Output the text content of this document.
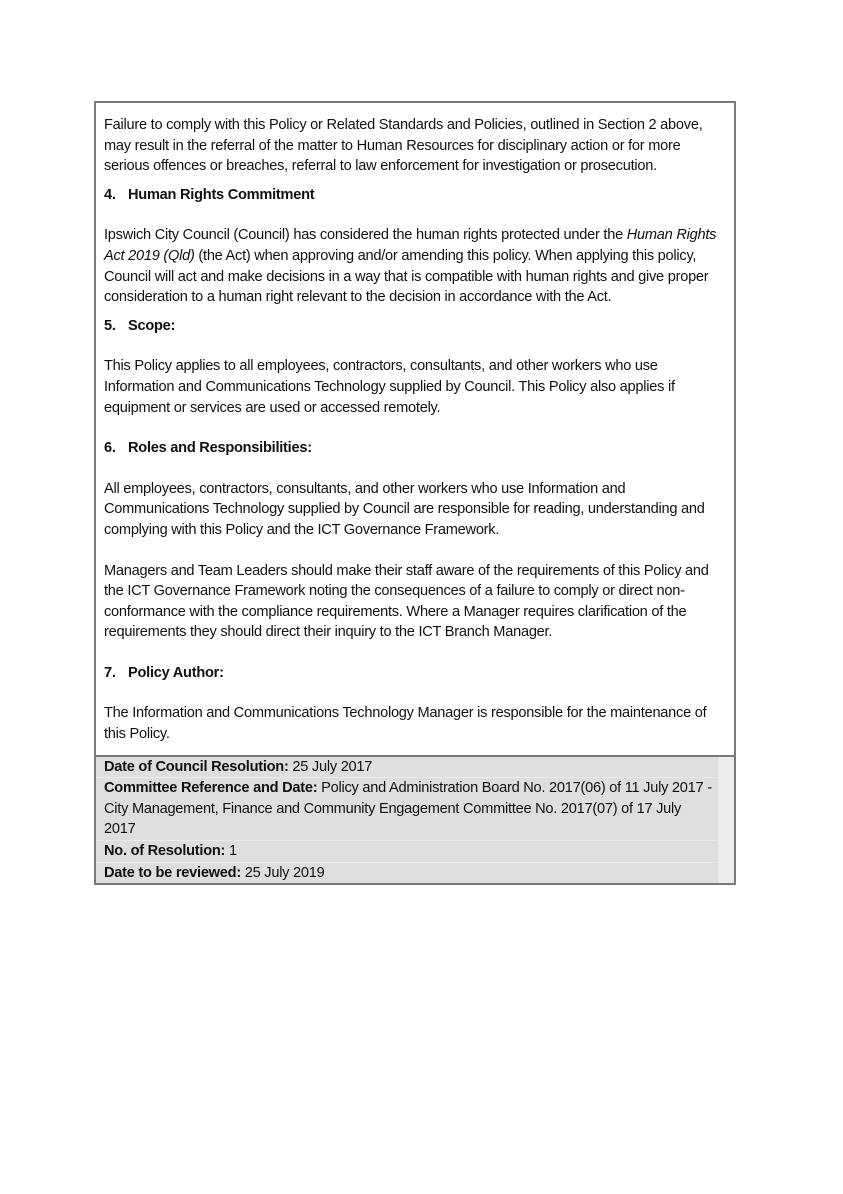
Failure to comply with this Policy or Related Standards and Policies, outlined in Section 2 above, may result in the referral of the matter to Human Resources for disciplinary action or for more serious offences or breaches, referral to law enforcement for investigation or prosecution.

4. Human Rights Commitment

Ipswich City Council (Council) has considered the human rights protected under the Human Rights Act 2019 (Qld) (the Act) when approving and/or amending this policy. When applying this policy, Council will act and make decisions in a way that is compatible with human rights and give proper consideration to a human right relevant to the decision in accordance with the Act.

5. Scope:

This Policy applies to all employees, contractors, consultants, and other workers who use Information and Communications Technology supplied by Council. This Policy also applies if equipment or services are used or accessed remotely.

6. Roles and Responsibilities:

All employees, contractors, consultants, and other workers who use Information and Communications Technology supplied by Council are responsible for reading, understanding and complying with this Policy and the ICT Governance Framework.

Managers and Team Leaders should make their staff aware of the requirements of this Policy and the ICT Governance Framework noting the consequences of a failure to comply or direct non-conformance with the compliance requirements. Where a Manager requires clarification of the requirements they should direct their inquiry to the ICT Branch Manager.

7. Policy Author:

The Information and Communications Technology Manager is responsible for the maintenance of this Policy.

Date of Council Resolution: 25 July 2017
Committee Reference and Date: Policy and Administration Board No. 2017(06) of 11 July 2017 - City Management, Finance and Community Engagement Committee No. 2017(07) of 17 July 2017
No. of Resolution: 1
Date to be reviewed: 25 July 2019
